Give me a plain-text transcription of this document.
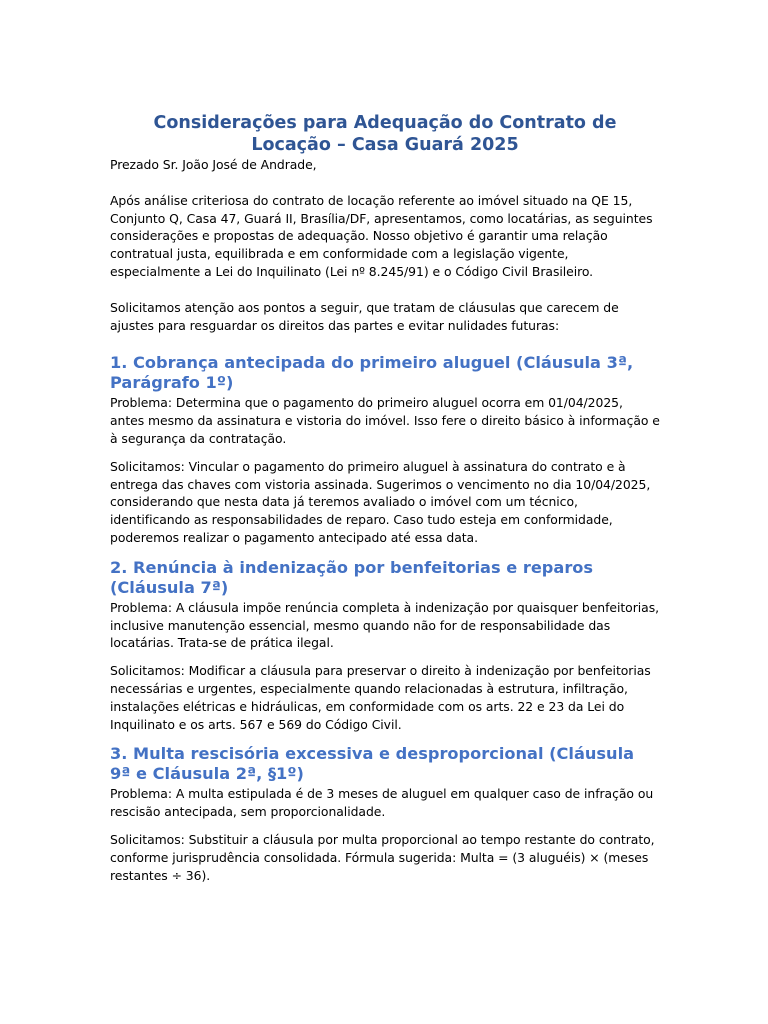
Considerações para Adequação do Contrato de
Locação – Casa Guará 2025

Prezado Sr. João José de Andrade,

Após análise criteriosa do contrato de locação referente ao imóvel situado na QE 15, Conjunto Q, Casa 47, Guará II, Brasília/DF, apresentamos, como locatárias, as seguintes considerações e propostas de adequação. Nosso objetivo é garantir uma relação contratual justa, equilibrada e em conformidade com a legislação vigente, especialmente a Lei do Inquilinato (Lei nº 8.245/91) e o Código Civil Brasileiro.

Solicitamos atenção aos pontos a seguir, que tratam de cláusulas que carecem de ajustes para resguardar os direitos das partes e evitar nulidades futuras:

1. Cobrança antecipada do primeiro aluguel (Cláusula 3ª, Parágrafo 1º)

Problema: Determina que o pagamento do primeiro aluguel ocorra em 01/04/2025, antes mesmo da assinatura e vistoria do imóvel. Isso fere o direito básico à informação e à segurança da contratação.

Solicitamos: Vincular o pagamento do primeiro aluguel à assinatura do contrato e à entrega das chaves com vistoria assinada. Sugerimos o vencimento no dia 10/04/2025, considerando que nesta data já teremos avaliado o imóvel com um técnico, identificando as responsabilidades de reparo. Caso tudo esteja em conformidade, poderemos realizar o pagamento antecipado até essa data.

2. Renúncia à indenização por benfeitorias e reparos (Cláusula 7ª)

Problema: A cláusula impõe renúncia completa à indenização por quaisquer benfeitorias, inclusive manutenção essencial, mesmo quando não for de responsabilidade das locatárias. Trata-se de prática ilegal.

Solicitamos: Modificar a cláusula para preservar o direito à indenização por benfeitorias necessárias e urgentes, especialmente quando relacionadas à estrutura, infiltração, instalações elétricas e hidráulicas, em conformidade com os arts. 22 e 23 da Lei do Inquilinato e os arts. 567 e 569 do Código Civil.

3. Multa rescisória excessiva e desproporcional (Cláusula 9ª e Cláusula 2ª, §1º)

Problema: A multa estipulada é de 3 meses de aluguel em qualquer caso de infração ou rescisão antecipada, sem proporcionalidade.

Solicitamos: Substituir a cláusula por multa proporcional ao tempo restante do contrato, conforme jurisprudência consolidada. Fórmula sugerida: Multa = (3 aluguéis) × (meses restantes ÷ 36).
